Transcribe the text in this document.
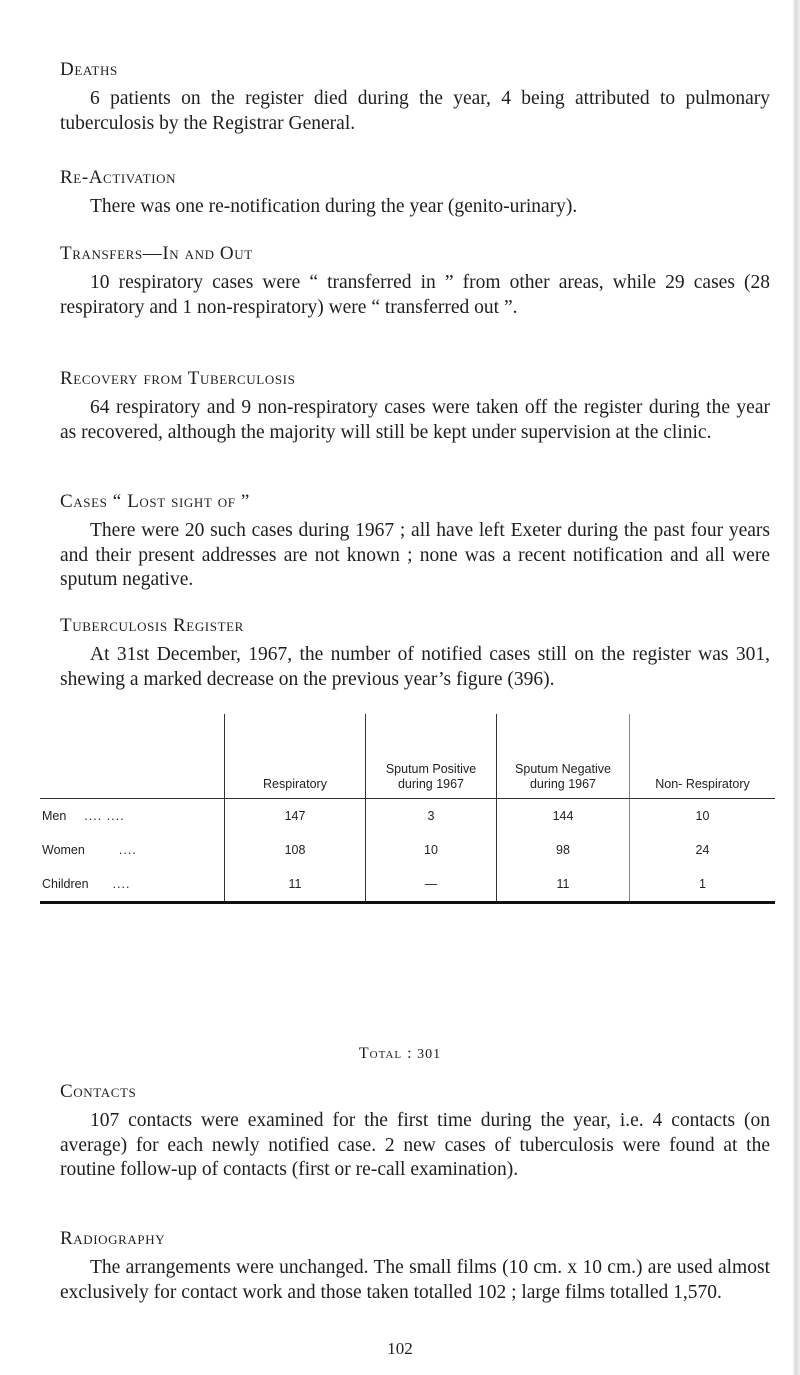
Deaths

6 patients on the register died during the year, 4 being attributed to pulmonary tuberculosis by the Registrar General.

Re-Activation

There was one re-notification during the year (genito-urinary).

Transfers—In and Out

10 respiratory cases were “ transferred in ” from other areas, while 29 cases (28 respiratory and 1 non-respiratory) were “ transferred out ”.

Recovery from Tuberculosis

64 respiratory and 9 non-respiratory cases were taken off the register during the year as recovered, although the majority will still be kept under supervision at the clinic.

Cases “ Lost sight of ”

There were 20 such cases during 1967 ; all have left Exeter during the past four years and their present addresses are not known ; none was a recent notification and all were sputum negative.

Tuberculosis Register

At 31st December, 1967, the number of notified cases still on the register was 301, shewing a marked decrease on the previous year’s figure (396).

	Respiratory	Sputum Positive during 1967	Sputum Negative during 1967	Non- Respiratory
Men .... ....	147	3	144	10
Women ....	108	10	98	24
Children ....	11	—	11	1
Total : 301
Contacts

107 contacts were examined for the first time during the year, i.e. 4 contacts (on average) for each newly notified case. 2 new cases of tuberculosis were found at the routine follow-up of contacts (first or re-call examination).

Radiography

The arrangements were unchanged. The small films (10 cm. x 10 cm.) are used almost exclusively for contact work and those taken totalled 102 ; large films totalled 1,570.

102
